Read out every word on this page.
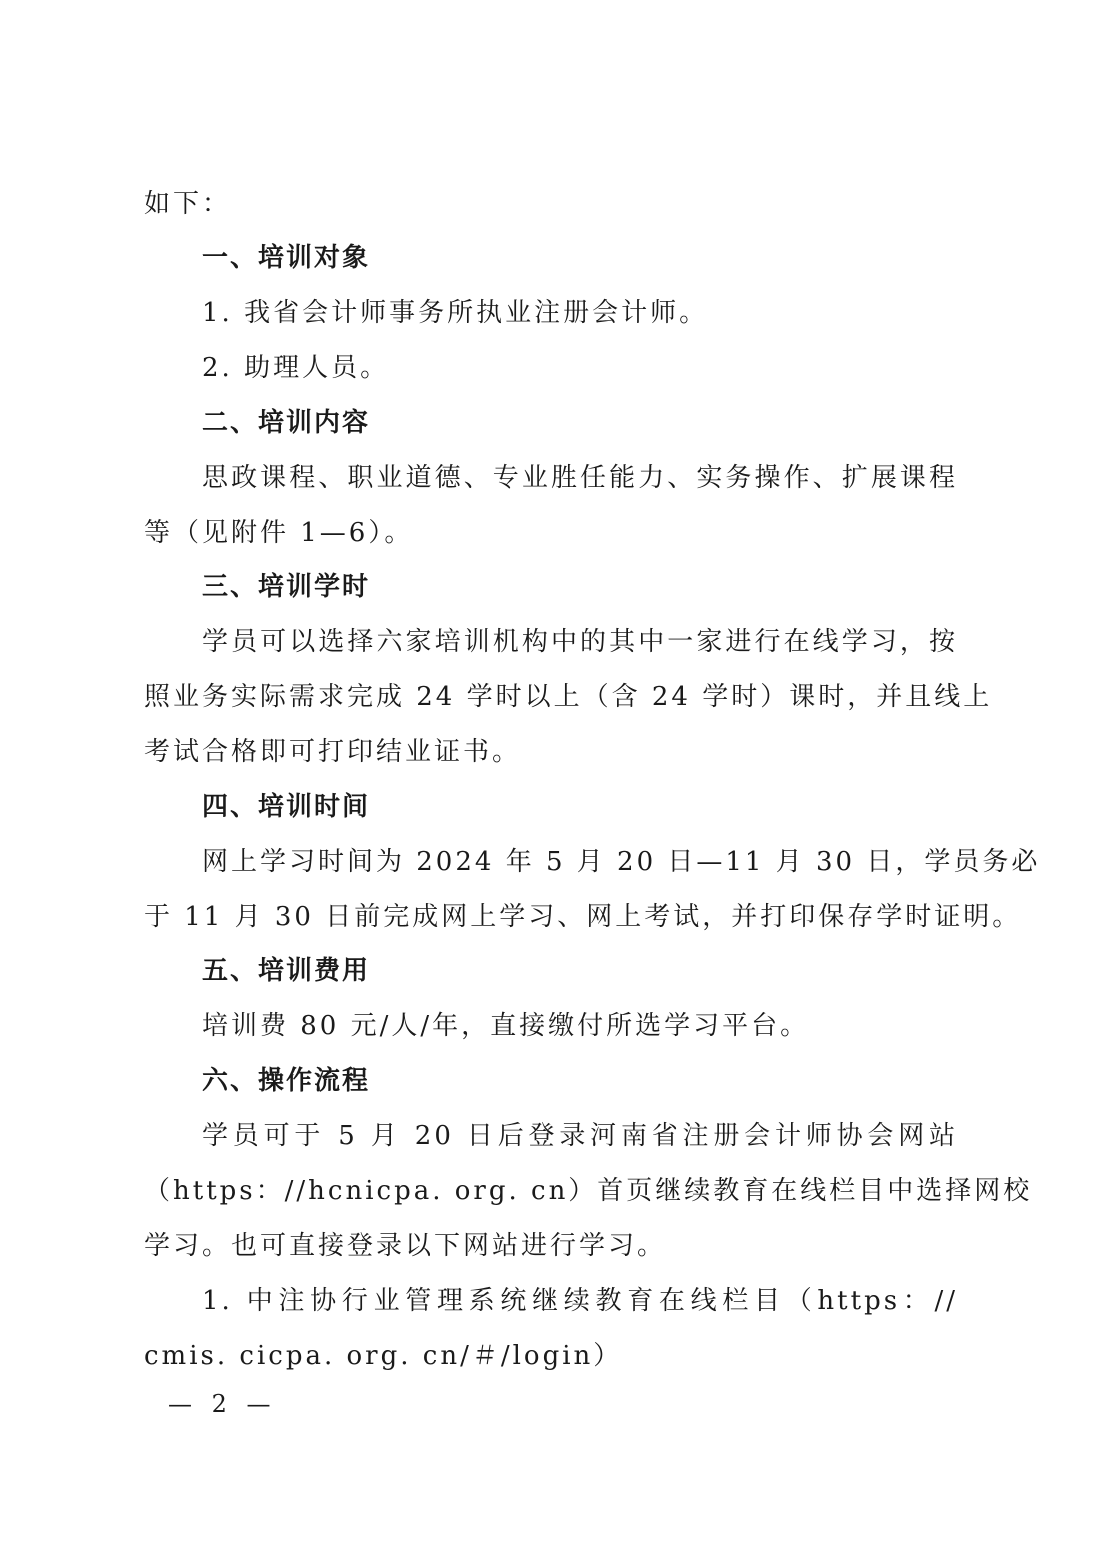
如下：
一、培训对象
1. 我省会计师事务所执业注册会计师。
2. 助理人员。
二、培训内容
思政课程、职业道德、专业胜任能力、实务操作、扩展课程
等（见附件 1—6）。
三、培训学时
学员可以选择六家培训机构中的其中一家进行在线学习，按
照业务实际需求完成 24 学时以上（含 24 学时）课时，并且线上
考试合格即可打印结业证书。
四、培训时间
网上学习时间为 2024 年 5 月 20 日—11 月 30 日，学员务必
于 11 月 30 日前完成网上学习、网上考试，并打印保存学时证明。
五、培训费用
培训费 80 元/人/年，直接缴付所选学习平台。
六、操作流程
学员可于 5 月 20 日后登录河南省注册会计师协会网站
（https：//hcnicpa. org. cn）首页继续教育在线栏目中选择网校
学习。也可直接登录以下网站进行学习。
1. 中注协行业管理系统继续教育在线栏目（https：//
cmis. cicpa. org. cn/＃/login）
— 2 —
